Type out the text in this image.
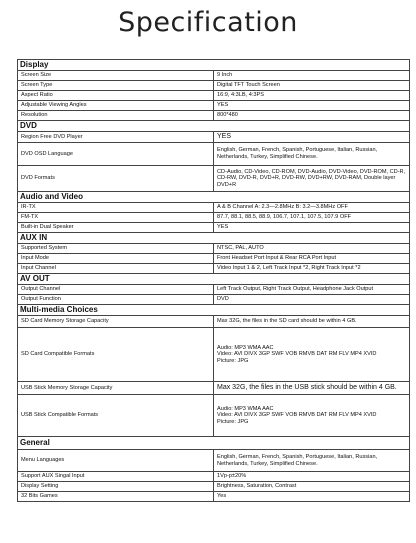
Specification
Display	
Screen Size	9 Inch
Screen Type	Digital TFT Touch Screen
Aspect Ratio	16:9, 4:3LB, 4:3PS
Adjustable Viewing Angles	YES
Resolution	800*480
DVD	
Region Free DVD Player	YES
DVD OSD Language	English, German, French, Spanish, Portuguese, Italian, Russian, Netherlands, Turkey, Simplified Chinese.
DVD Formats	CD-Audio, CD-Video, CD-ROM, DVD-Audio, DVD-Video, DVD-ROM, CD-R, CD-RW, DVD-R, DVD+R, DVD-RW, DVD+RW, DVD-RAM, Double layer DVD+R
Audio and Video	
IR-TX	A & B Channel A: 2.3—2.8MHz B: 3.2—3.8MHz OFF
FM-TX	87.7, 88.1, 88.5, 88.9, 106.7, 107.1, 107.5, 107.9 OFF
Built-in Dual Speaker	YES
AUX IN	
Supported System	NTSC, PAL, AUTO
Input Mode	Front Headset Port Input & Rear RCA Port Input
Input Channel	Video Input 1 & 2, Left Track Input *2, Right Track Input *2
AV OUT	
Output Channel	Left Track Output, Right Track Output, Headphone Jack Output
Output Function	DVD
Multi-media Choices	
SD Card Memory Storage Capacity	Max 32G, the files in the SD card should be within 4 GB.
SD Card Compatible Formats	Audio: MP3 WMA AAC
Video: AVI DIVX 3GP SWF VOB RMVB DAT RM FLV MP4 XVID
Picture: JPG

USB Stick Memory Storage Capacity	Max 32G, the files in the USB stick should be within 4 GB.
USB Stick Compatible Formats	Audio: MP3 WMA AAC
Video: AVI DIVX 3GP SWF VOB RMVB DAT RM FLV MP4 XVID
Picture: JPG

General	
Menu Languages	English, German, French, Spanish, Portuguese, Italian, Russian, Netherlands, Turkey, Simplified Chinese.
Support AUX Singal Input	1Vp-p±20%
Display Setting	Brightness, Saturation, Contrast
32 Bits Games	Yes
